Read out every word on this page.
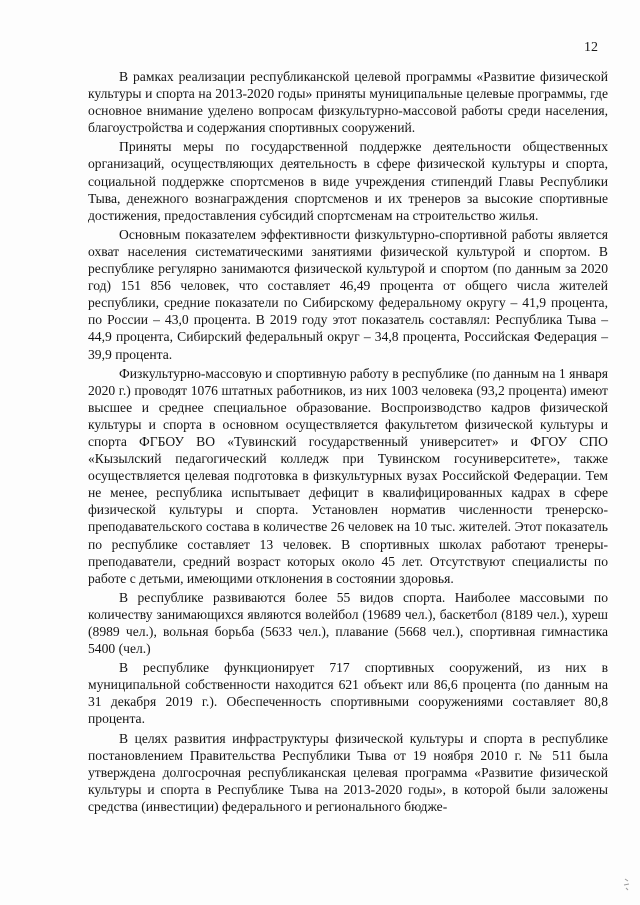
12

В рамках реализации республиканской целевой программы «Развитие физической культуры и спорта на 2013-2020 годы» приняты муниципальные целевые программы, где основное внимание уделено вопросам физкультурно-массовой работы среди населения, благоустройства и содержания спортивных сооружений.

Приняты меры по государственной поддержке деятельности общественных организаций, осуществляющих деятельность в сфере физической культуры и спорта, социальной поддержке спортсменов в виде учреждения стипендий Главы Республики Тыва, денежного вознаграждения спортсменов и их тренеров за высокие спортивные достижения, предоставления субсидий спортсменам на строительство жилья.

Основным показателем эффективности физкультурно-спортивной работы является охват населения систематическими занятиями физической культурой и спортом. В республике регулярно занимаются физической культурой и спортом (по данным за 2020 год) 151 856 человек, что составляет 46,49 процента от общего числа жителей республики, средние показатели по Сибирскому федеральному округу – 41,9 процента, по России – 43,0 процента. В 2019 году этот показатель составлял: Республика Тыва – 44,9 процента, Сибирский федеральный округ – 34,8 процента, Российская Федерация – 39,9 процента.

Физкультурно-массовую и спортивную работу в республике (по данным на 1 января 2020 г.) проводят 1076 штатных работников, из них 1003 человека (93,2 процента) имеют высшее и среднее специальное образование. Воспроизводство кадров физической культуры и спорта в основном осуществляется факультетом физической культуры и спорта ФГБОУ ВО «Тувинский государственный университет» и ФГОУ СПО «Кызылский педагогический колледж при Тувинском госуниверситете», также осуществляется целевая подготовка в физкультурных вузах Российской Федерации. Тем не менее, республика испытывает дефицит в квалифицированных кадрах в сфере физической культуры и спорта. Установлен норматив численности тренерско-преподавательского состава в количестве 26 человек на 10 тыс. жителей. Этот показатель по республике составляет 13 человек. В спортивных школах работают тренеры-преподаватели, средний возраст которых около 45 лет. Отсутствуют специалисты по работе с детьми, имеющими отклонения в состоянии здоровья.

В республике развиваются более 55 видов спорта. Наиболее массовыми по количеству занимающихся являются волейбол (19689 чел.), баскетбол (8189 чел.), хуреш (8989 чел.), вольная борьба (5633 чел.), плавание (5668 чел.), спортивная гимнастика 5400 (чел.)

В республике функционирует 717 спортивных сооружений, из них в муниципальной собственности находится 621 объект или 86,6 процента (по данным на 31 декабря 2019 г.). Обеспеченность спортивными сооружениями составляет 80,8 процента.

В целях развития инфраструктуры физической культуры и спорта в республике постановлением Правительства Республики Тыва от 19 ноября 2010 г. № 511 была утверждена долгосрочная республиканская целевая программа «Развитие физической культуры и спорта в Республике Тыва на 2013-2020 годы», в которой были заложены средства (инвестиции) федерального и регионального бюдже-
